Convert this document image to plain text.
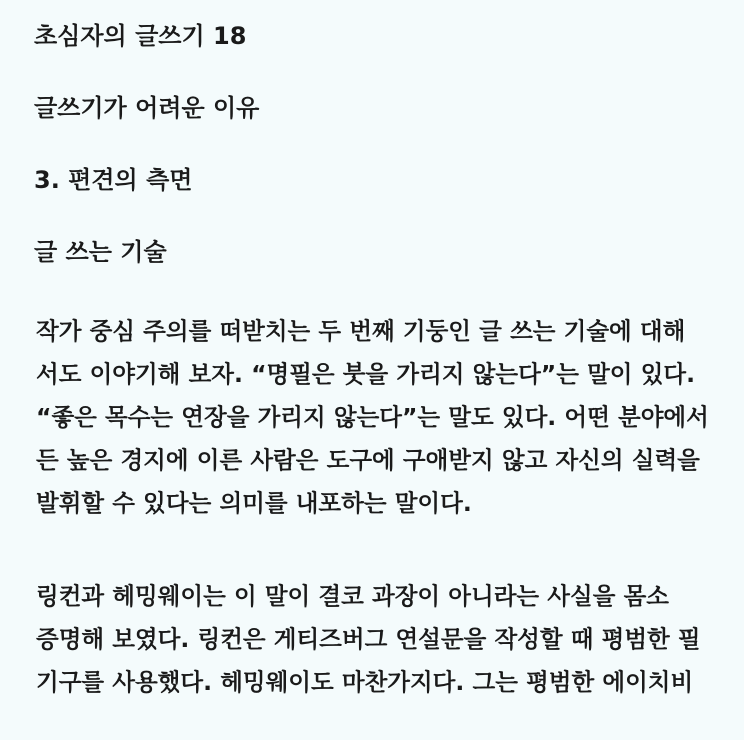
초심자의 글쓰기 18
글쓰기가 어려운 이유
3. 편견의 측면
글 쓰는 기술
작가 중심 주의를 떠받치는 두 번째 기둥인 글 쓰는 기술에 대해
서도 이야기해 보자. “명필은 붓을 가리지 않는다”는 말이 있다.
“좋은 목수는 연장을 가리지 않는다”는 말도 있다. 어떤 분야에서
든 높은 경지에 이른 사람은 도구에 구애받지 않고 자신의 실력을
발휘할 수 있다는 의미를 내포하는 말이다.
링컨과 헤밍웨이는 이 말이 결코 과장이 아니라는 사실을 몸소
증명해 보였다. 링컨은 게티즈버그 연설문을 작성할 때 평범한 필
기구를 사용했다. 헤밍웨이도 마찬가지다. 그는 평범한 에이치비
